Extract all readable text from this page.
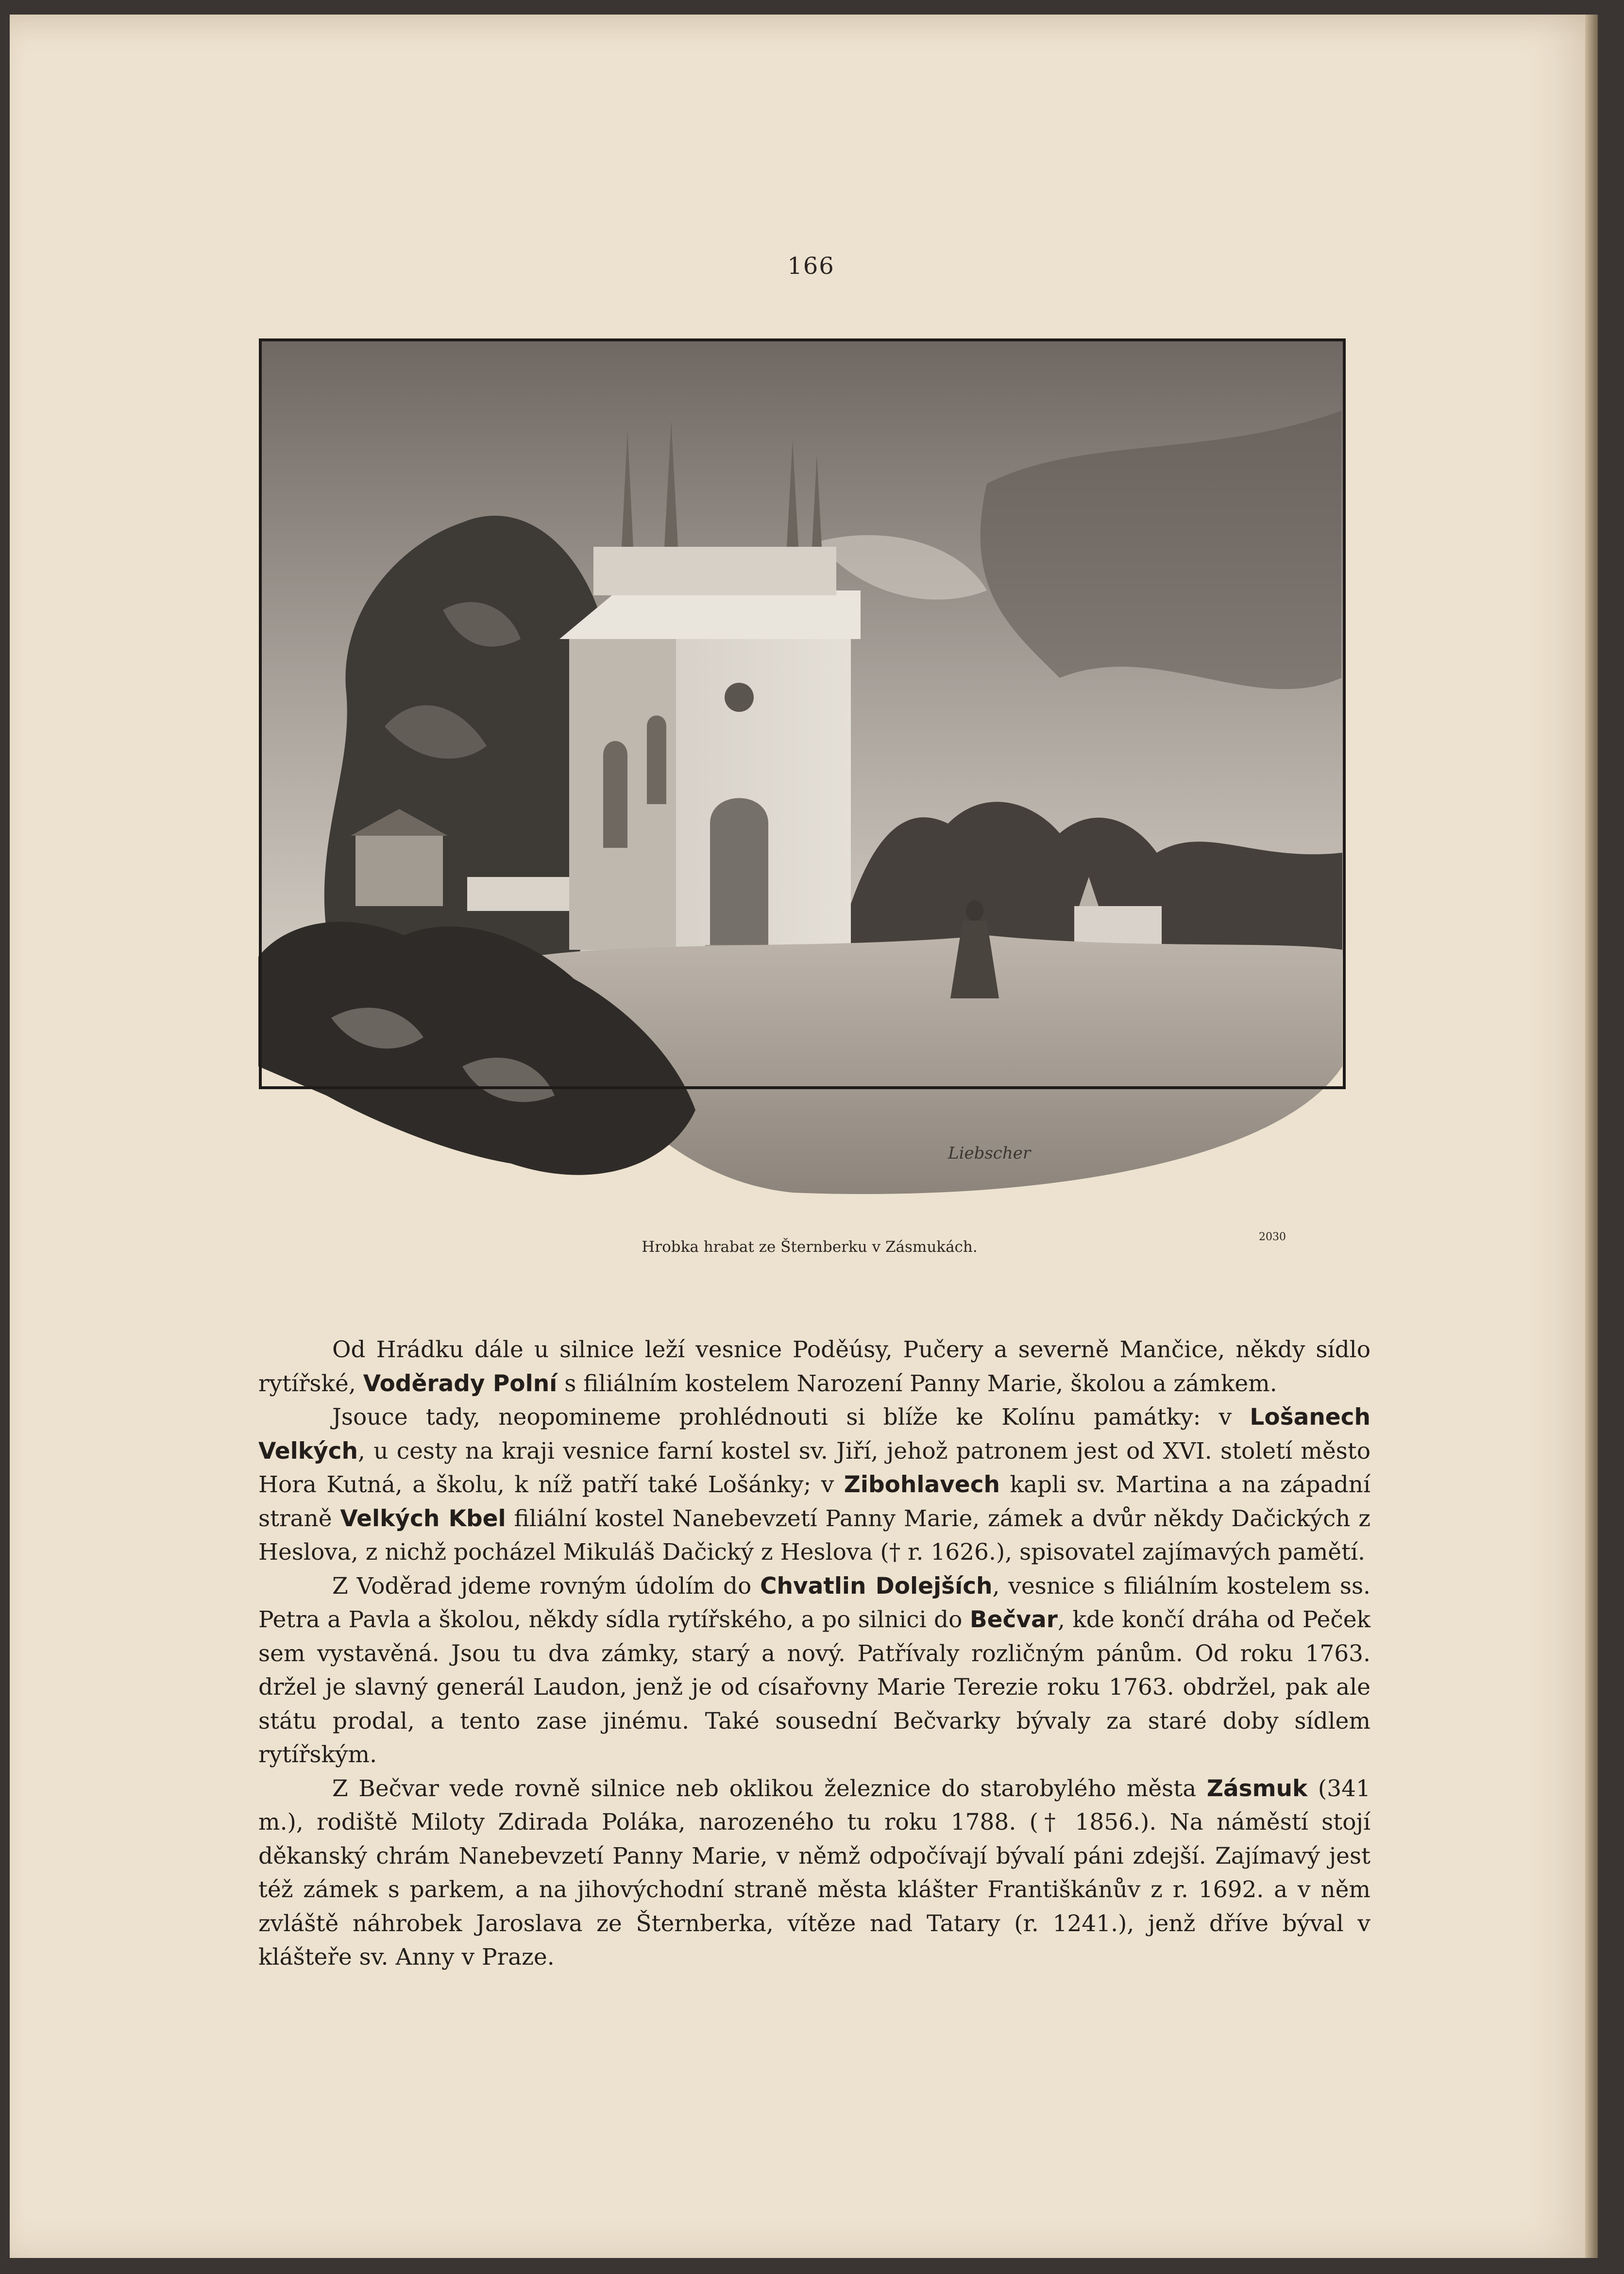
166
Liebscher
Hrobka hrabat ze Šternberku v Zásmukách.
2030

Od Hrádku dále u silnice leží vesnice Poděúsy, Pučery a severně Mančice, někdy sídlo rytířské, Voděrady Polní s filiálním kostelem Narození Panny Marie, školou a zámkem.

Jsouce tady, neopomineme prohlédnouti si blíže ke Kolínu památky: v Lošanech Velkých, u cesty na kraji vesnice farní kostel sv. Jiří, jehož patronem jest od XVI. století město Hora Kutná, a školu, k níž patří také Lošánky; v Zibohlavech kapli sv. Martina a na západní straně Velkých Kbel filiální kostel Nanebevzetí Panny Marie, zámek a dvůr někdy Dačických z Heslova, z nichž pocházel Mikuláš Dačický z Heslova († r. 1626.), spisovatel zajímavých pamětí.

Z Voděrad jdeme rovným údolím do Chvatlin Dolejších, vesnice s filiálním kostelem ss. Petra a Pavla a školou, někdy sídla rytířského, a po silnici do Bečvar, kde končí dráha od Peček sem vystavěná. Jsou tu dva zámky, starý a nový. Patřívaly rozličným pánům. Od roku 1763. držel je slavný generál Laudon, jenž je od císařovny Marie Terezie roku 1763. obdržel, pak ale státu prodal, a tento zase jinému. Také sousední Bečvarky bývaly za staré doby sídlem rytířským.

Z Bečvar vede rovně silnice neb oklikou železnice do starobylého města Zásmuk (341 m.), rodiště Miloty Zdirada Poláka, narozeného tu roku 1788. († 1856.). Na náměstí stojí děkanský chrám Nanebevzetí Panny Marie, v němž odpočívají bývalí páni zdejší. Zajímavý jest též zámek s parkem, a na jihovýchodní straně města klášter Františkánův z r. 1692. a v něm zvláště náhrobek Jaroslava ze Šternberka, vítěze nad Tatary (r. 1241.), jenž dříve býval v klášteře sv. Anny v Praze.
